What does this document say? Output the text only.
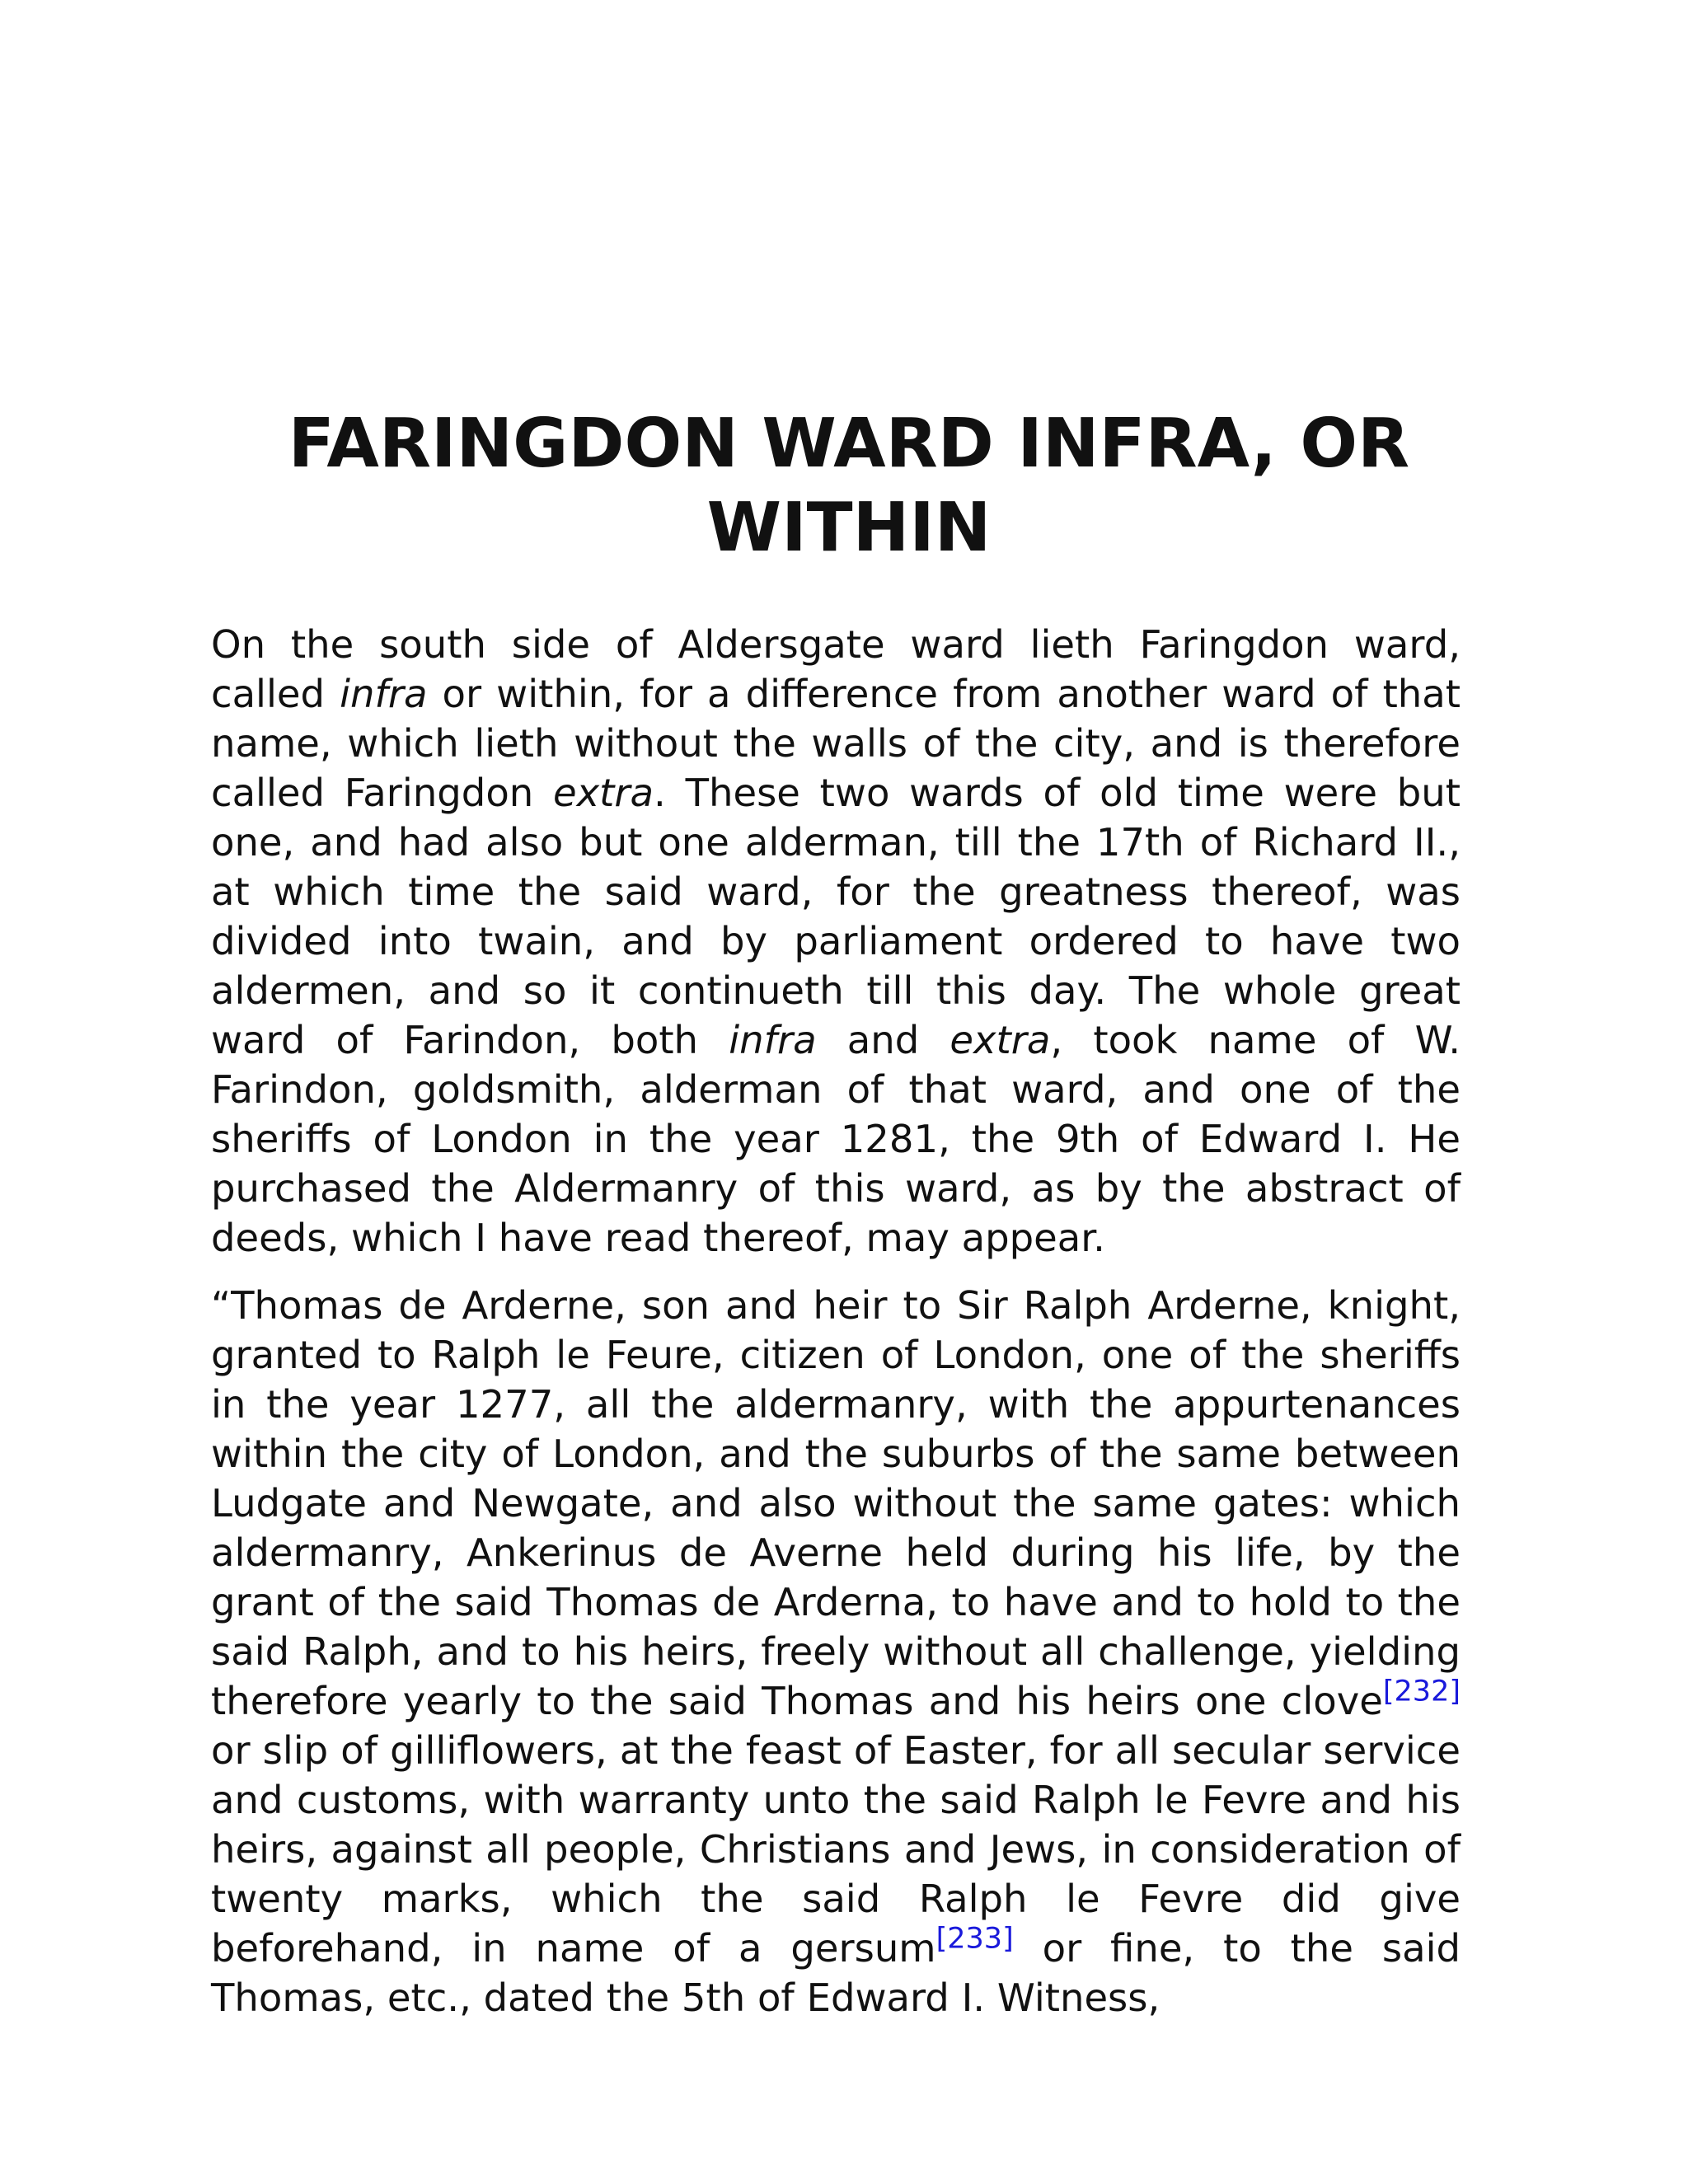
FARINGDON WARD INFRA, OR WITHIN

On the south side of Aldersgate ward lieth Faringdon ward, called infra or within, for a difference from another ward of that name, which lieth without the walls of the city, and is therefore called Faringdon extra. These two wards of old time were but one, and had also but one alderman, till the 17th of Richard II., at which time the said ward, for the greatness thereof, was divided into twain, and by parliament ordered to have two aldermen, and so it continueth till this day. The whole great ward of Farindon, both infra and extra, took name of W. Farindon, goldsmith, alderman of that ward, and one of the sheriffs of London in the year 1281, the 9th of Edward I. He purchased the Aldermanry of this ward, as by the abstract of deeds, which I have read thereof, may appear.

“Thomas de Arderne, son and heir to Sir Ralph Arderne, knight, granted to Ralph le Feure, citizen of London, one of the sheriffs in the year 1277, all the aldermanry, with the appurtenances within the city of London, and the suburbs of the same between Ludgate and Newgate, and also without the same gates: which aldermanry, Ankerinus de Averne held during his life, by the grant of the said Thomas de Arderna, to have and to hold to the said Ralph, and to his heirs, freely without all challenge, yielding therefore yearly to the said Thomas and his heirs one clove[232] or slip of gilliflowers, at the feast of Easter, for all secular service and customs, with warranty unto the said Ralph le Fevre and his heirs, against all people, Christians and Jews, in consideration of twenty marks, which the said Ralph le Fevre did give beforehand, in name of a gersum[233] or fine, to the said Thomas, etc., dated the 5th of Edward I. Witness,
